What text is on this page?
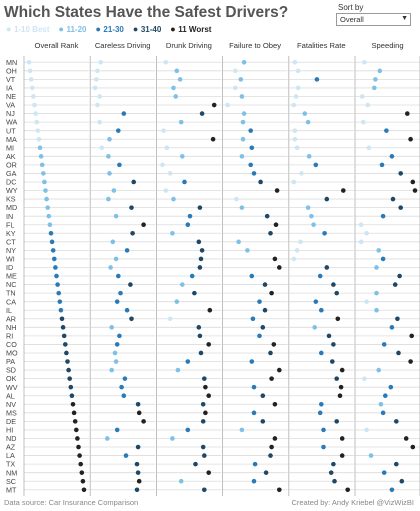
Which States Have the Safest Drivers?
● 1-10 Best ● 11-20 ● 21-30 ● 31-40 ● 11 Worst
Sort by
Overall	▼
MN
OH
VT
IA
NE
VA
NJ
WA
UT
MA
MI
AK
OR
GA
DC
WY
KS
MD
IN
FL
KY
CT
NY
WI
ID
ME
NC
TN
CA
IL
AR
NH
RI
CO
MO
PA
SD
OK
WV
AL
NV
MS
DE
HI
ND
AZ
LA
TX
NM
SC
MT
Overall Rank Careless Driving Drunk Driving Failure to Obey Fatalities Rate	Speeding
Data source: Car Insurance Comparison	Created by: Andy Kriebel @VizWizBI
